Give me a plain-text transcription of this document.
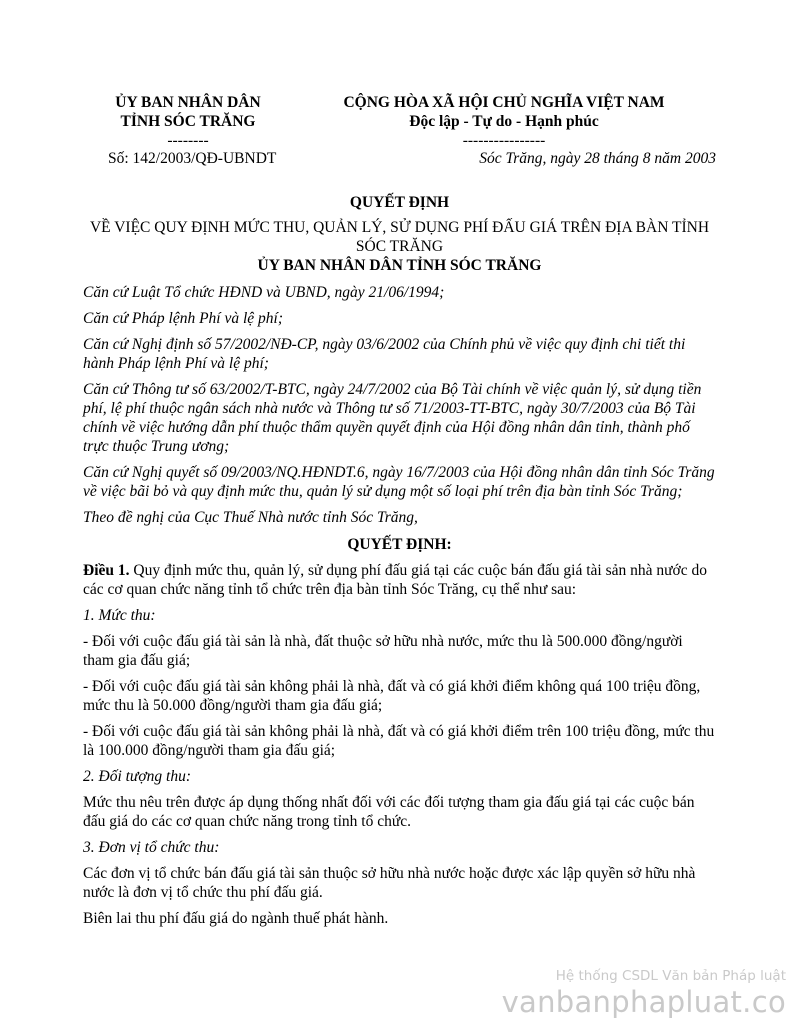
ỦY BAN NHÂN DÂN
TỈNH SÓC TRĂNG
--------
Số: 142/2003/QĐ-UBNDT
CỘNG HÒA XÃ HỘI CHỦ NGHĨA VIỆT NAM
Độc lập - Tự do - Hạnh phúc
----------------
Sóc Trăng, ngày 28 tháng 8 năm 2003
QUYẾT ĐỊNH
VỀ VIỆC QUY ĐỊNH MỨC THU, QUẢN LÝ, SỬ DỤNG PHÍ ĐẤU GIÁ TRÊN ĐỊA BÀN TỈNH SÓC TRĂNG
ỦY BAN NHÂN DÂN TỈNH SÓC TRĂNG
Căn cứ Luật Tổ chức HĐND và UBND, ngày 21/06/1994;
Căn cứ Pháp lệnh Phí và lệ phí;
Căn cứ Nghị định số 57/2002/NĐ-CP, ngày 03/6/2002 của Chính phủ về việc quy định chi tiết thi hành Pháp lệnh Phí và lệ phí;
Căn cứ Thông tư số 63/2002/T-BTC, ngày 24/7/2002 của Bộ Tài chính về việc quản lý, sử dụng tiền phí, lệ phí thuộc ngân sách nhà nước và Thông tư số 71/2003-TT-BTC, ngày 30/7/2003 của Bộ Tài chính về việc hướng dẫn phí thuộc thẩm quyền quyết định của Hội đồng nhân dân tỉnh, thành phố trực thuộc Trung ương;
Căn cứ Nghị quyết số 09/2003/NQ.HĐNDT.6, ngày 16/7/2003 của Hội đồng nhân dân tỉnh Sóc Trăng về việc bãi bỏ và quy định mức thu, quản lý sử dụng một số loại phí trên địa bàn tỉnh Sóc Trăng;
Theo đề nghị của Cục Thuế Nhà nước tỉnh Sóc Trăng,
QUYẾT ĐỊNH:

Điều 1. Quy định mức thu, quản lý, sử dụng phí đấu giá tại các cuộc bán đấu giá tài sản nhà nước do các cơ quan chức năng tỉnh tổ chức trên địa bàn tỉnh Sóc Trăng, cụ thể như sau:

1. Mức thu:

- Đối với cuộc đấu giá tài sản là nhà, đất thuộc sở hữu nhà nước, mức thu là 500.000 đồng/người tham gia đấu giá;

- Đối với cuộc đấu giá tài sản không phải là nhà, đất và có giá khởi điểm không quá 100 triệu đồng, mức thu là 50.000 đồng/người tham gia đấu giá;

- Đối với cuộc đấu giá tài sản không phải là nhà, đất và có giá khởi điểm trên 100 triệu đồng, mức thu là 100.000 đồng/người tham gia đấu giá;

2. Đối tượng thu:

Mức thu nêu trên được áp dụng thống nhất đối với các đối tượng tham gia đấu giá tại các cuộc bán đấu giá do các cơ quan chức năng trong tỉnh tổ chức.

3. Đơn vị tổ chức thu:

Các đơn vị tổ chức bán đấu giá tài sản thuộc sở hữu nhà nước hoặc được xác lập quyền sở hữu nhà nước là đơn vị tổ chức thu phí đấu giá.

Biên lai thu phí đấu giá do ngành thuế phát hành.

Hệ thống CSDL Văn bản Pháp luật
vanbanphapluat.co
